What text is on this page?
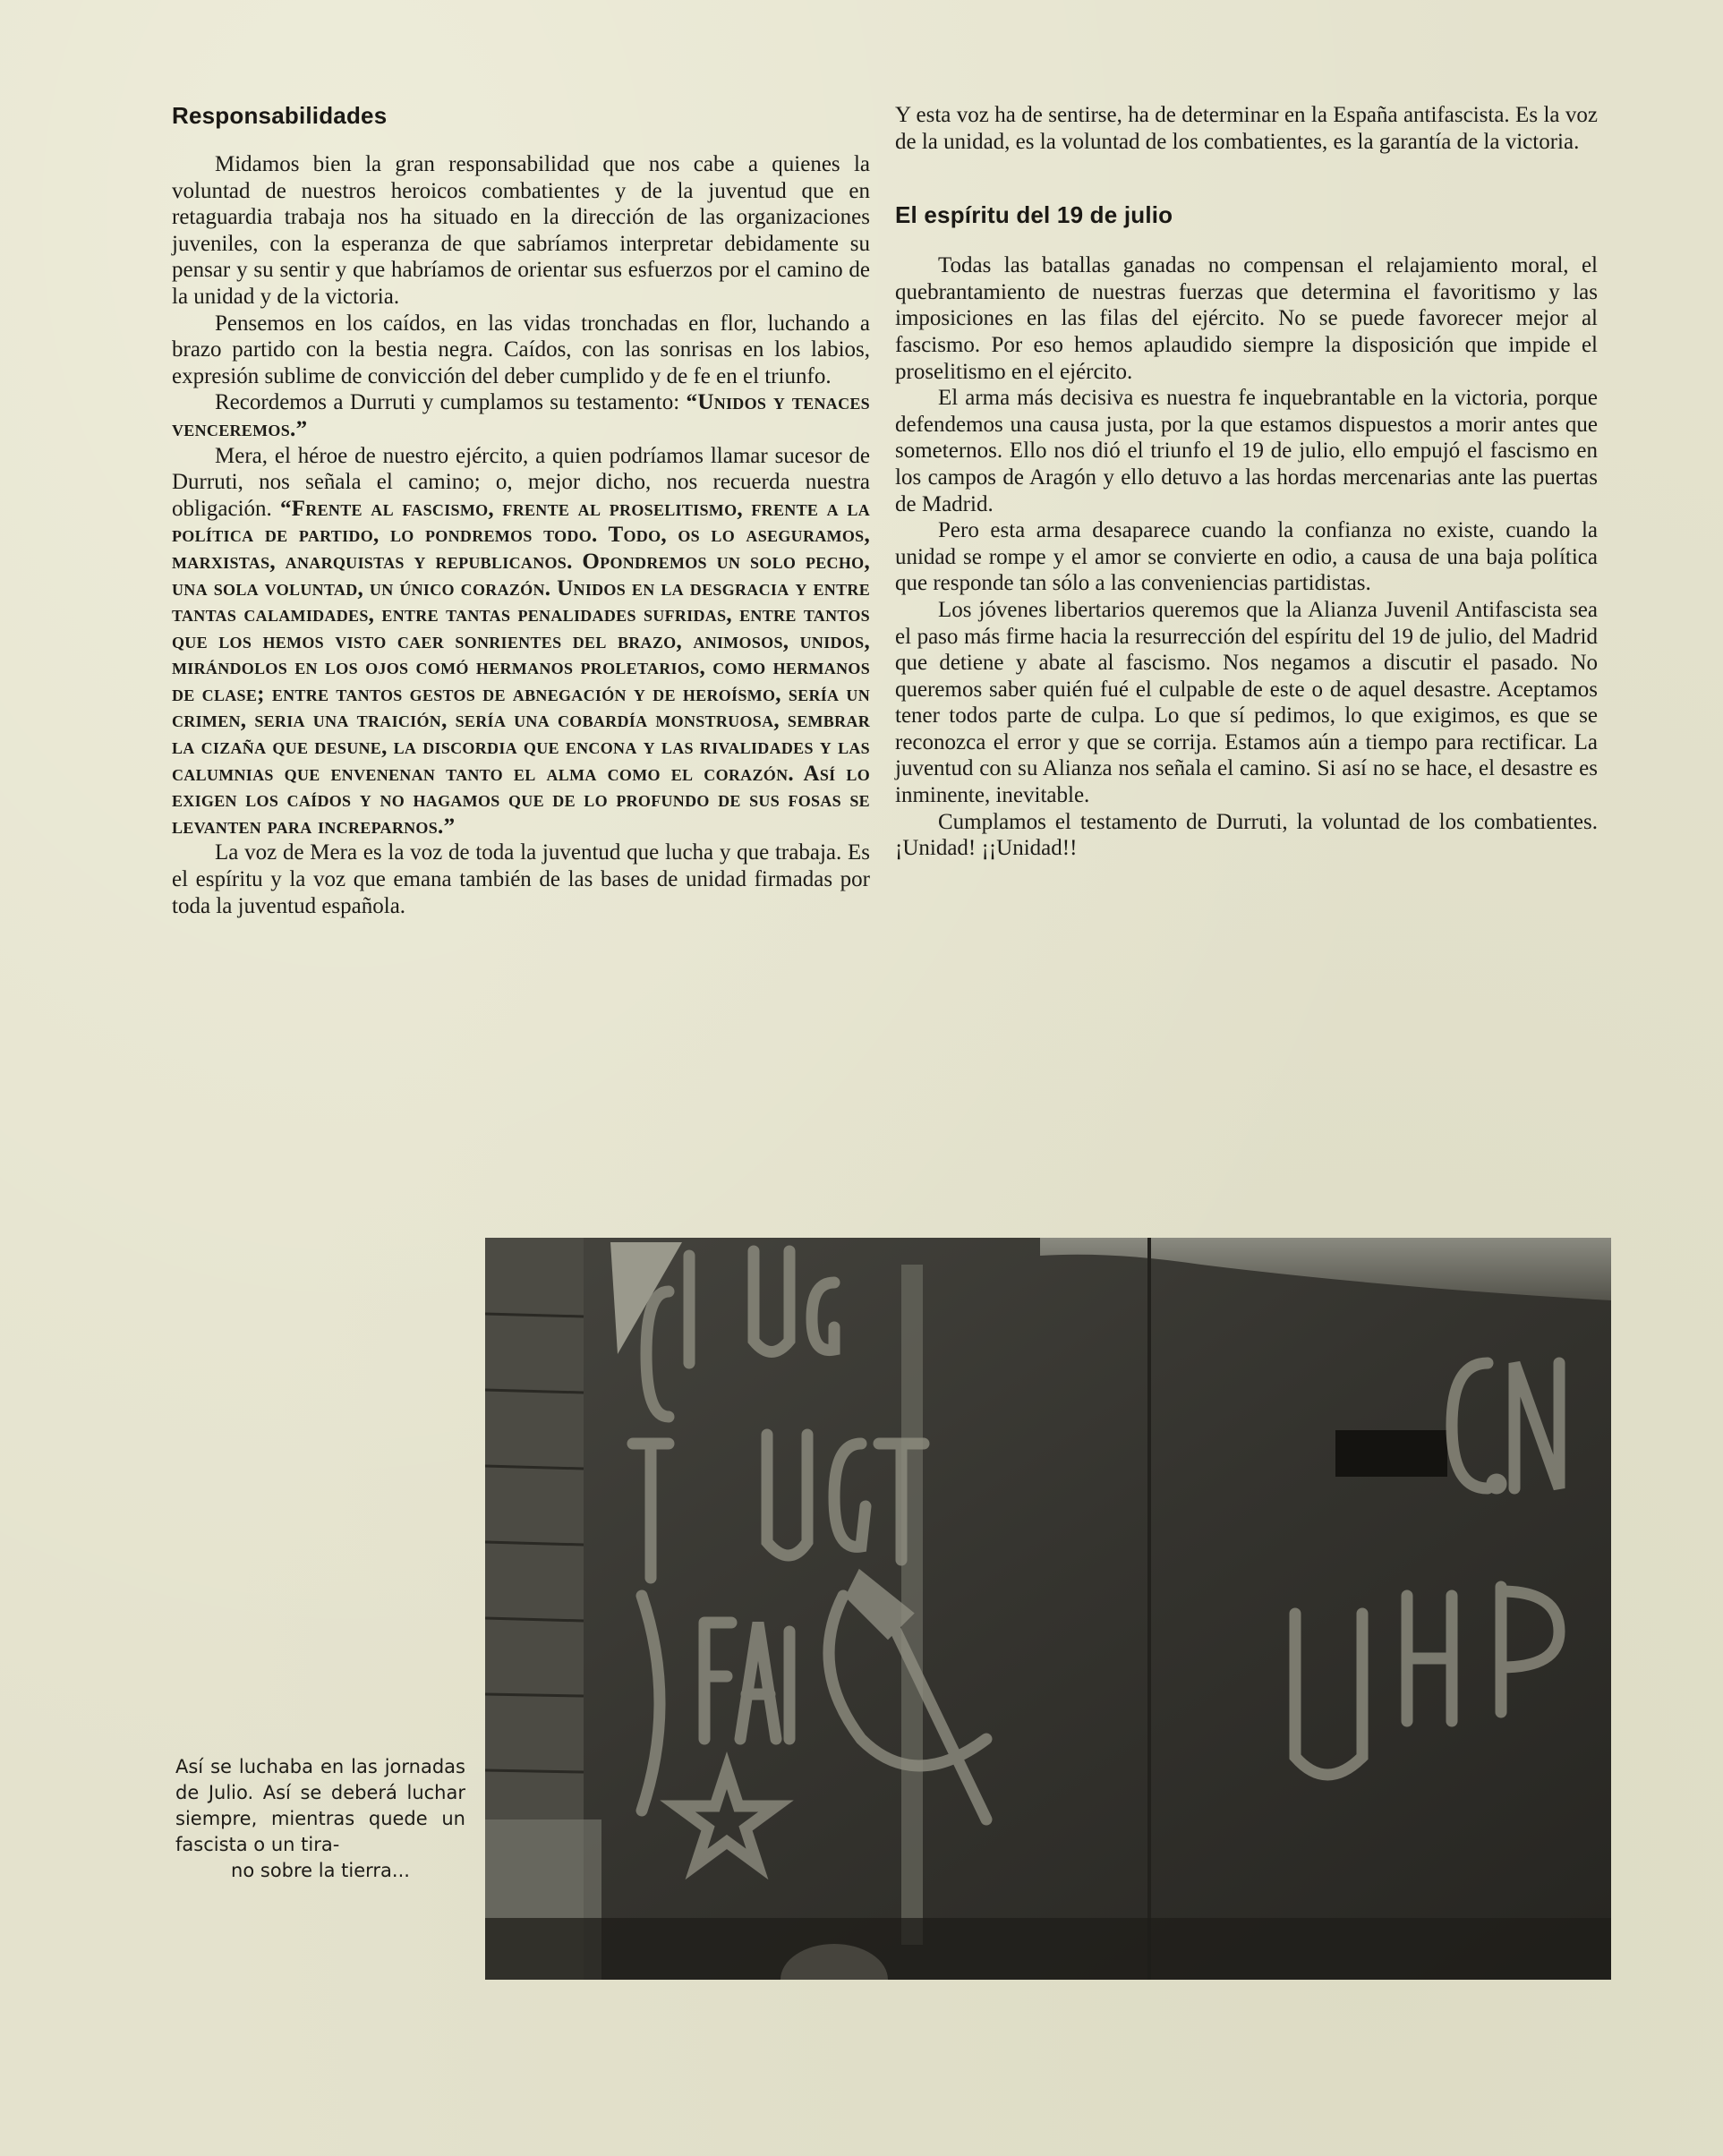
Responsabilidades

Midamos bien la gran responsabilidad que nos cabe a quienes la voluntad de nuestros heroicos combatientes y de la juventud que en retaguardia trabaja nos ha situado en la dirección de las organizaciones juveniles, con la esperanza de que sabríamos interpretar debidamente su pensar y su sentir y que habríamos de orientar sus esfuerzos por el camino de la unidad y de la victoria.

Pensemos en los caídos, en las vidas tronchadas en flor, luchando a brazo partido con la bestia negra. Caídos, con las sonrisas en los labios, expresión sublime de convicción del deber cumplido y de fe en el triunfo.

Recordemos a Durruti y cumplamos su testamento: “Unidos y tenaces venceremos.”

Mera, el héroe de nuestro ejército, a quien podríamos llamar sucesor de Durruti, nos señala el camino; o, mejor dicho, nos recuerda nuestra obligación. “Frente al fascismo, frente al proselitismo, frente a la política de partido, lo pondremos todo. Todo, os lo aseguramos, marxistas, anarquistas y republicanos. Opondremos un solo pecho, una sola voluntad, un único corazón. Unidos en la desgracia y entre tantas calamidades, entre tantas penalidades sufridas, entre tantos que los hemos visto caer sonrientes del brazo, animosos, unidos, mirándolos en los ojos comó hermanos proletarios, como hermanos de clase; entre tantos gestos de abnegación y de heroísmo, sería un crimen, seria una traición, sería una cobardía monstruosa, sembrar la cizaña que desune, la discordia que encona y las rivalidades y las calumnias que envenenan tanto el alma como el corazón. Así lo exigen los caídos y no hagamos que de lo profundo de sus fosas se levanten para increparnos.”

La voz de Mera es la voz de toda la juventud que lucha y que trabaja. Es el espíritu y la voz que emana también de las bases de unidad firmadas por toda la juventud española.

Y esta voz ha de sentirse, ha de determinar en la España antifascista. Es la voz de la unidad, es la voluntad de los combatientes, es la garantía de la victoria.

El espíritu del 19 de julio

Todas las batallas ganadas no compensan el relajamiento moral, el quebrantamiento de nuestras fuerzas que determina el favoritismo y las imposiciones en las filas del ejército. No se puede favorecer mejor al fascismo. Por eso hemos aplaudido siempre la disposición que impide el proselitismo en el ejército.

El arma más decisiva es nuestra fe inquebrantable en la victoria, porque defendemos una causa justa, por la que estamos dispuestos a morir antes que someternos. Ello nos dió el triunfo el 19 de julio, ello empujó el fascismo en los campos de Aragón y ello detuvo a las hordas mercenarias ante las puertas de Madrid.

Pero esta arma desaparece cuando la confianza no existe, cuando la unidad se rompe y el amor se convierte en odio, a causa de una baja política que responde tan sólo a las conveniencias partidistas.

Los jóvenes libertarios queremos que la Alianza Juvenil Antifascista sea el paso más firme hacia la resurrección del espíritu del 19 de julio, del Madrid que detiene y abate al fascismo. Nos negamos a discutir el pasado. No queremos saber quién fué el culpable de este o de aquel desastre. Aceptamos tener todos parte de culpa. Lo que sí pedimos, lo que exigimos, es que se reconozca el error y que se corrija. Estamos aún a tiempo para rectificar. La juventud con su Alianza nos señala el camino. Si así no se hace, el desastre es inminente, inevitable.

Cumplamos el testamento de Durruti, la voluntad de los combatientes. ¡Unidad! ¡¡Unidad!!

Así se luchaba en las jornadas de Julio. Así se deberá luchar siempre, mientras quede un fascista o un tira-
no sobre la tierra...
